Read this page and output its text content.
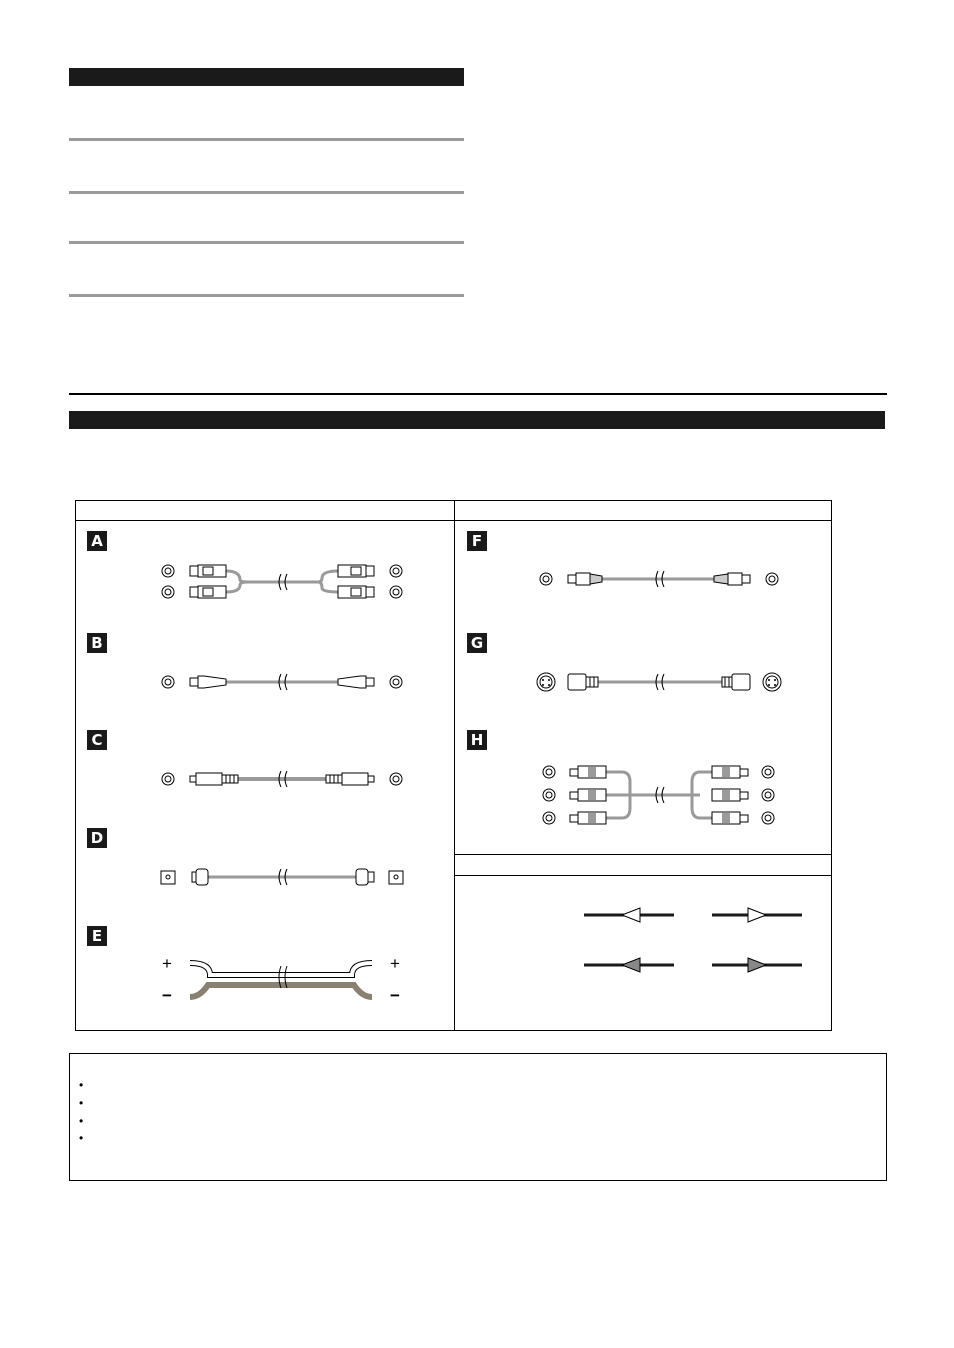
A
B
C
D
E
F
G
H
+
−
+
−
•
•
•
•
